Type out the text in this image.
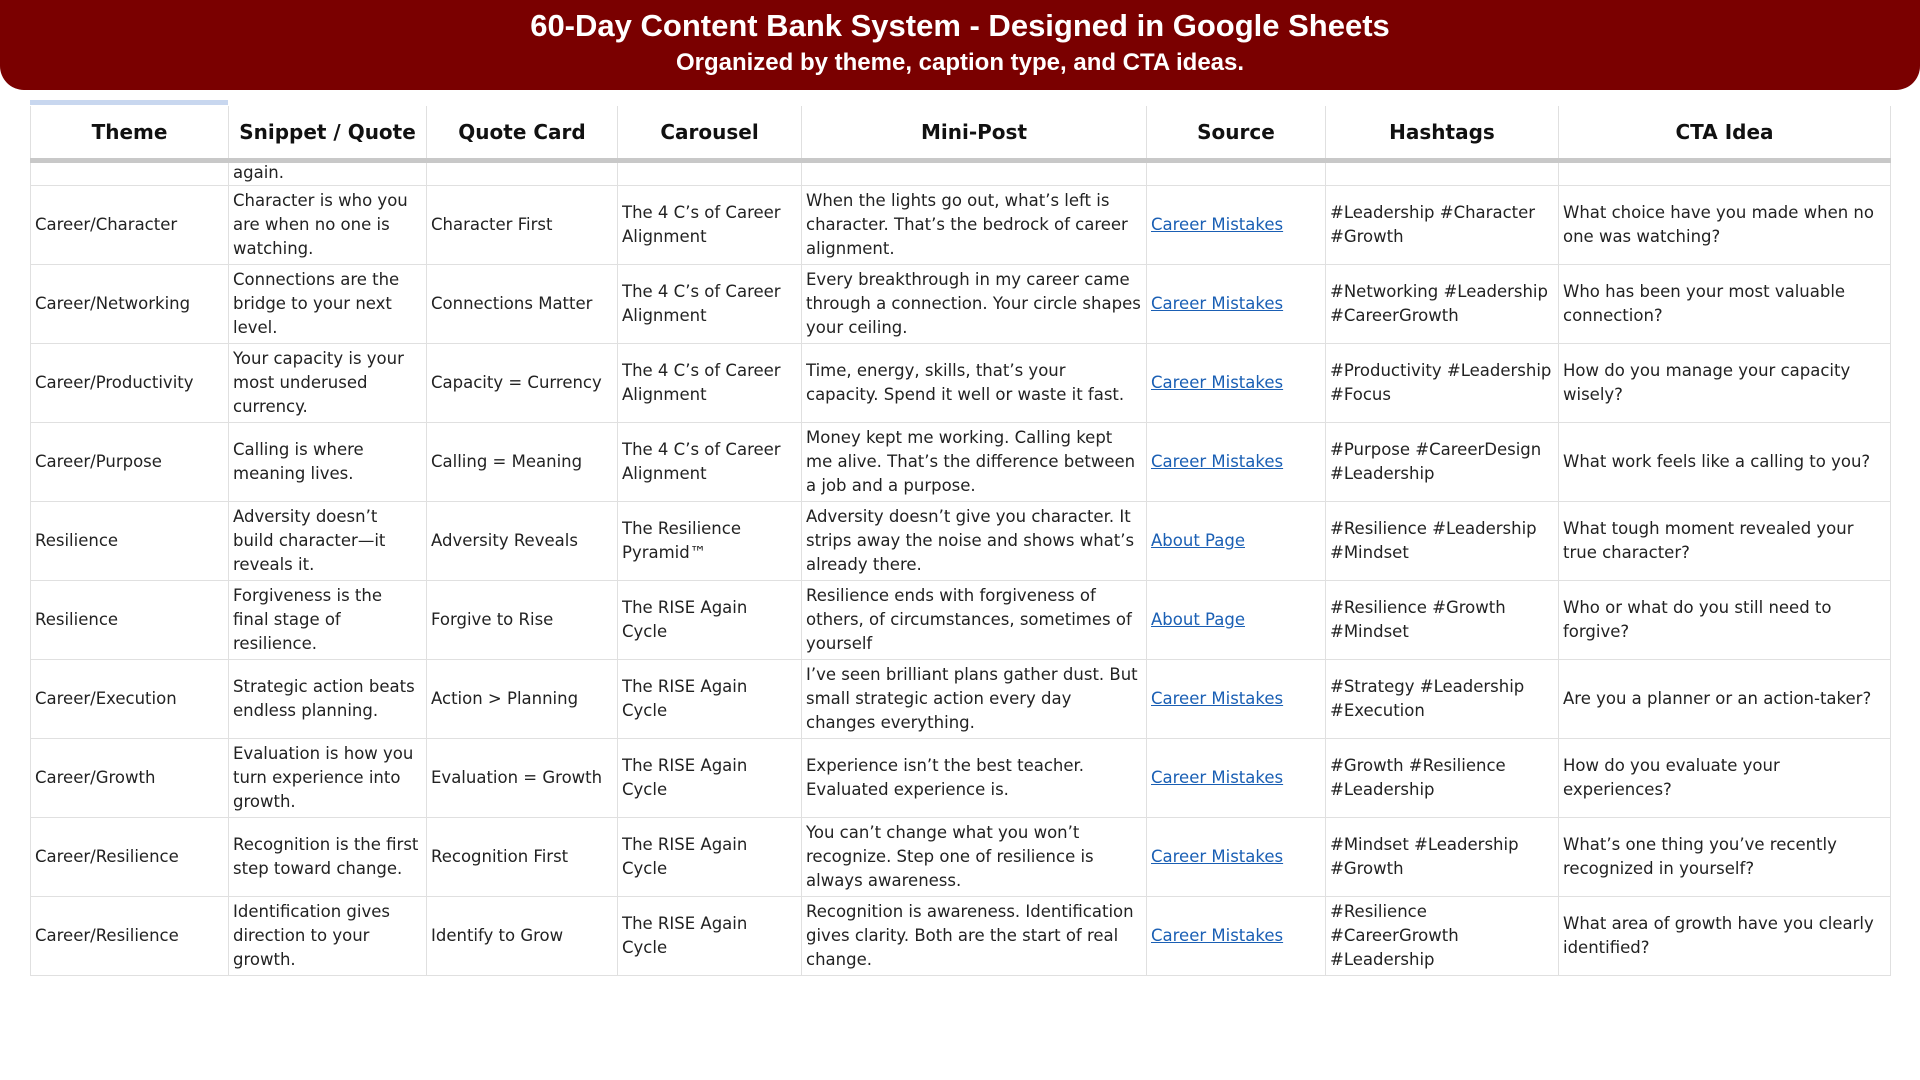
60-Day Content Bank System - Designed in Google Sheets
Organized by theme, caption type, and CTA ideas.
Theme	Snippet / Quote	Quote Card	Carousel	Mini-Post	Source	Hashtags	CTA Idea
	again.						

Career/Character	Character is who you are when no one is watching.	Character First	The 4 C’s of Career Alignment	When the lights go out, what’s left is character. That’s the bedrock of career alignment.	Career Mistakes	#Leadership #Character #Growth	What choice have you made when no one was watching?

Career/Networking	Connections are the bridge to your next level.	Connections Matter	The 4 C’s of Career Alignment	Every breakthrough in my career came through a connection. Your circle shapes your ceiling.	Career Mistakes	#Networking #Leadership #CareerGrowth	Who has been your most valuable connection?

Career/Productivity	Your capacity is your most underused currency.	Capacity = Currency	The 4 C’s of Career Alignment	Time, energy, skills, that’s your capacity. Spend it well or waste it fast.	Career Mistakes	#Productivity #Leadership #Focus	How do you manage your capacity wisely?

Career/Purpose	Calling is where meaning lives.	Calling = Meaning	The 4 C’s of Career Alignment	Money kept me working. Calling kept me alive. That’s the difference between a job and a purpose.	Career Mistakes	#Purpose #CareerDesign #Leadership	What work feels like a calling to you?

Resilience	Adversity doesn’t build character—it reveals it.	Adversity Reveals	The Resilience Pyramid™	Adversity doesn’t give you character. It strips away the noise and shows what’s already there.	About Page	#Resilience #Leadership #Mindset	What tough moment revealed your true character?

Resilience	Forgiveness is the final stage of resilience.	Forgive to Rise	The RISE Again Cycle	Resilience ends with forgiveness of others, of circumstances, sometimes of yourself	About Page	#Resilience #Growth #Mindset	Who or what do you still need to forgive?

Career/Execution	Strategic action beats endless planning.	Action > Planning	The RISE Again Cycle	I’ve seen brilliant plans gather dust. But small strategic action every day changes everything.	Career Mistakes	#Strategy #Leadership #Execution	Are you a planner or an action-taker?

Career/Growth	Evaluation is how you turn experience into growth.	Evaluation = Growth	The RISE Again Cycle	Experience isn’t the best teacher. Evaluated experience is.	Career Mistakes	#Growth #Resilience #Leadership	How do you evaluate your experiences?

Career/Resilience	Recognition is the first step toward change.	Recognition First	The RISE Again Cycle	You can’t change what you won’t recognize. Step one of resilience is always awareness.	Career Mistakes	#Mindset #Leadership #Growth	What’s one thing you’ve recently recognized in yourself?

Career/Resilience	Identification gives direction to your growth.	Identify to Grow	The RISE Again Cycle	Recognition is awareness. Identification gives clarity. Both are the start of real change.	Career Mistakes	#Resilience #CareerGrowth #Leadership	What area of growth have you clearly identified?
